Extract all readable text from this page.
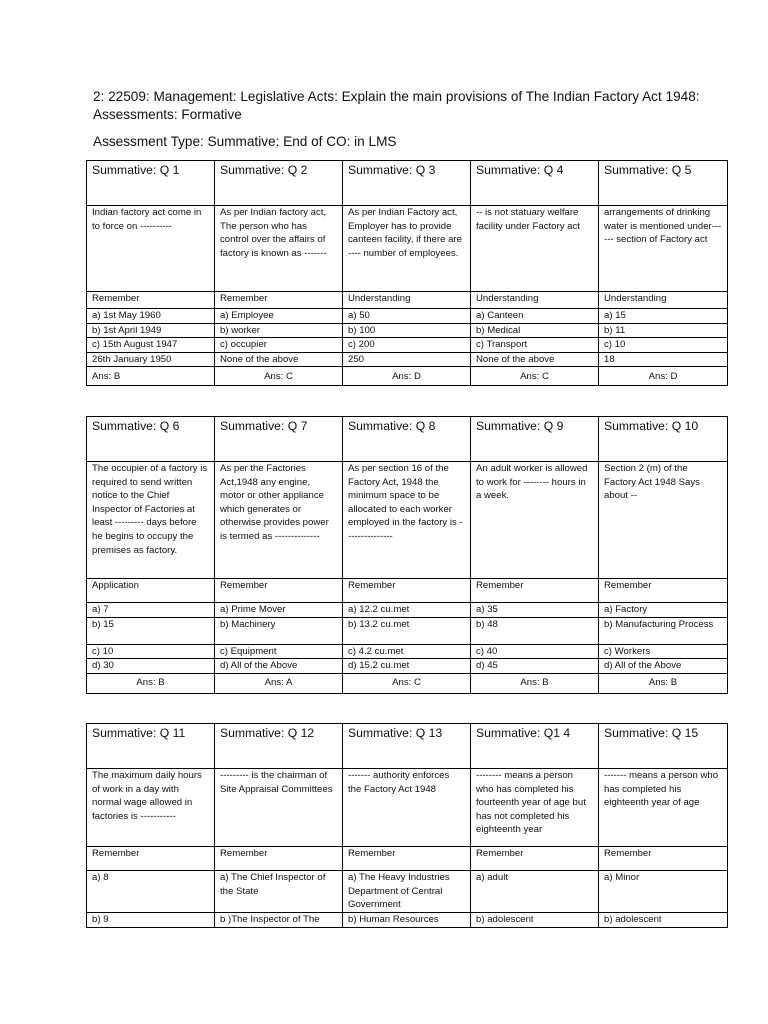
2: 22509: Management: Legislative Acts: Explain the main provisions of The Indian Factory Act 1948:
Assessments: Formative
Assessment Type: Summative: End of CO: in LMS
Summative: Q 1	Summative: Q 2	Summative: Q 3	Summative: Q 4	Summative: Q 5
Indian factory act come in to force on ----------	As per Indian factory act, The person who has control over the affairs of factory is known as -------	As per Indian Factory act, Employer has to provide canteen facility, if there are ---- number of employees.	-- is not statuary welfare facility under Factory act	arrangements of drinking water is mentioned under------ section of Factory act
Remember	Remember	Understanding	Understanding	Understanding
a) 1st May 1960	a) Employee	a) 50	a) Canteen	a) 15
b) 1st April 1949	b) worker	b) 100	b) Medical	b) 11
c) 15th August 1947	c) occupier	c) 200	c) Transport	c) 10
26th January 1950	None of the above	250	None of the above	18
Ans: B	Ans: C	Ans: D	Ans: C	Ans: D
Summative: Q 6	Summative: Q 7	Summative: Q 8	Summative: Q 9	Summative: Q 10
The occupier of a factory is required to send written notice to the Chief Inspector of Factories at least --------- days before he begins to occupy the premises as factory.	As per the Factories Act,1948 any engine, motor or other appliance which generates or otherwise provides power is termed as --------------	As per section 16 of the Factory Act, 1948 the minimum space to be allocated to each worker employed in the factory is ---------------	An adult worker is allowed to work for -------- hours in a week.	Section 2 (m) of the Factory Act 1948 Says about --
Application	Remember	Remember	Remember	Remember
a) 7	a) Prime Mover	a) 12.2 cu.met	a) 35	a) Factory
b) 15	b) Machinery	b) 13.2 cu.met	b) 48	b) Manufacturing Process
c) 10	c) Equipment	c) 4.2 cu.met	c) 40	c) Workers
d) 30	d) All of the Above	d) 15.2 cu.met	d) 45	d) All of the Above
Ans: B	Ans: A	Ans: C	Ans: B	Ans: B
Summative: Q 11	Summative: Q 12	Summative: Q 13	Summative: Q1 4	Summative: Q 15
The maximum daily hours of work in a day with normal wage allowed in factories is -----------	--------- is the chairman of Site Appraisal Committees	------- authority enforces the Factory Act 1948	-------- means a person who has completed his fourteenth year of age but has not completed his eighteenth year	------- means a person who has completed his eighteenth year of age
Remember	Remember	Remember	Remember	Remember
a) 8	a) The Chief Inspector of the State	a) The Heavy Industries Department of Central Government	a) adult	a) Minor
b) 9	b )The Inspector of The	b) Human Resources	b) adolescent	b) adolescent
